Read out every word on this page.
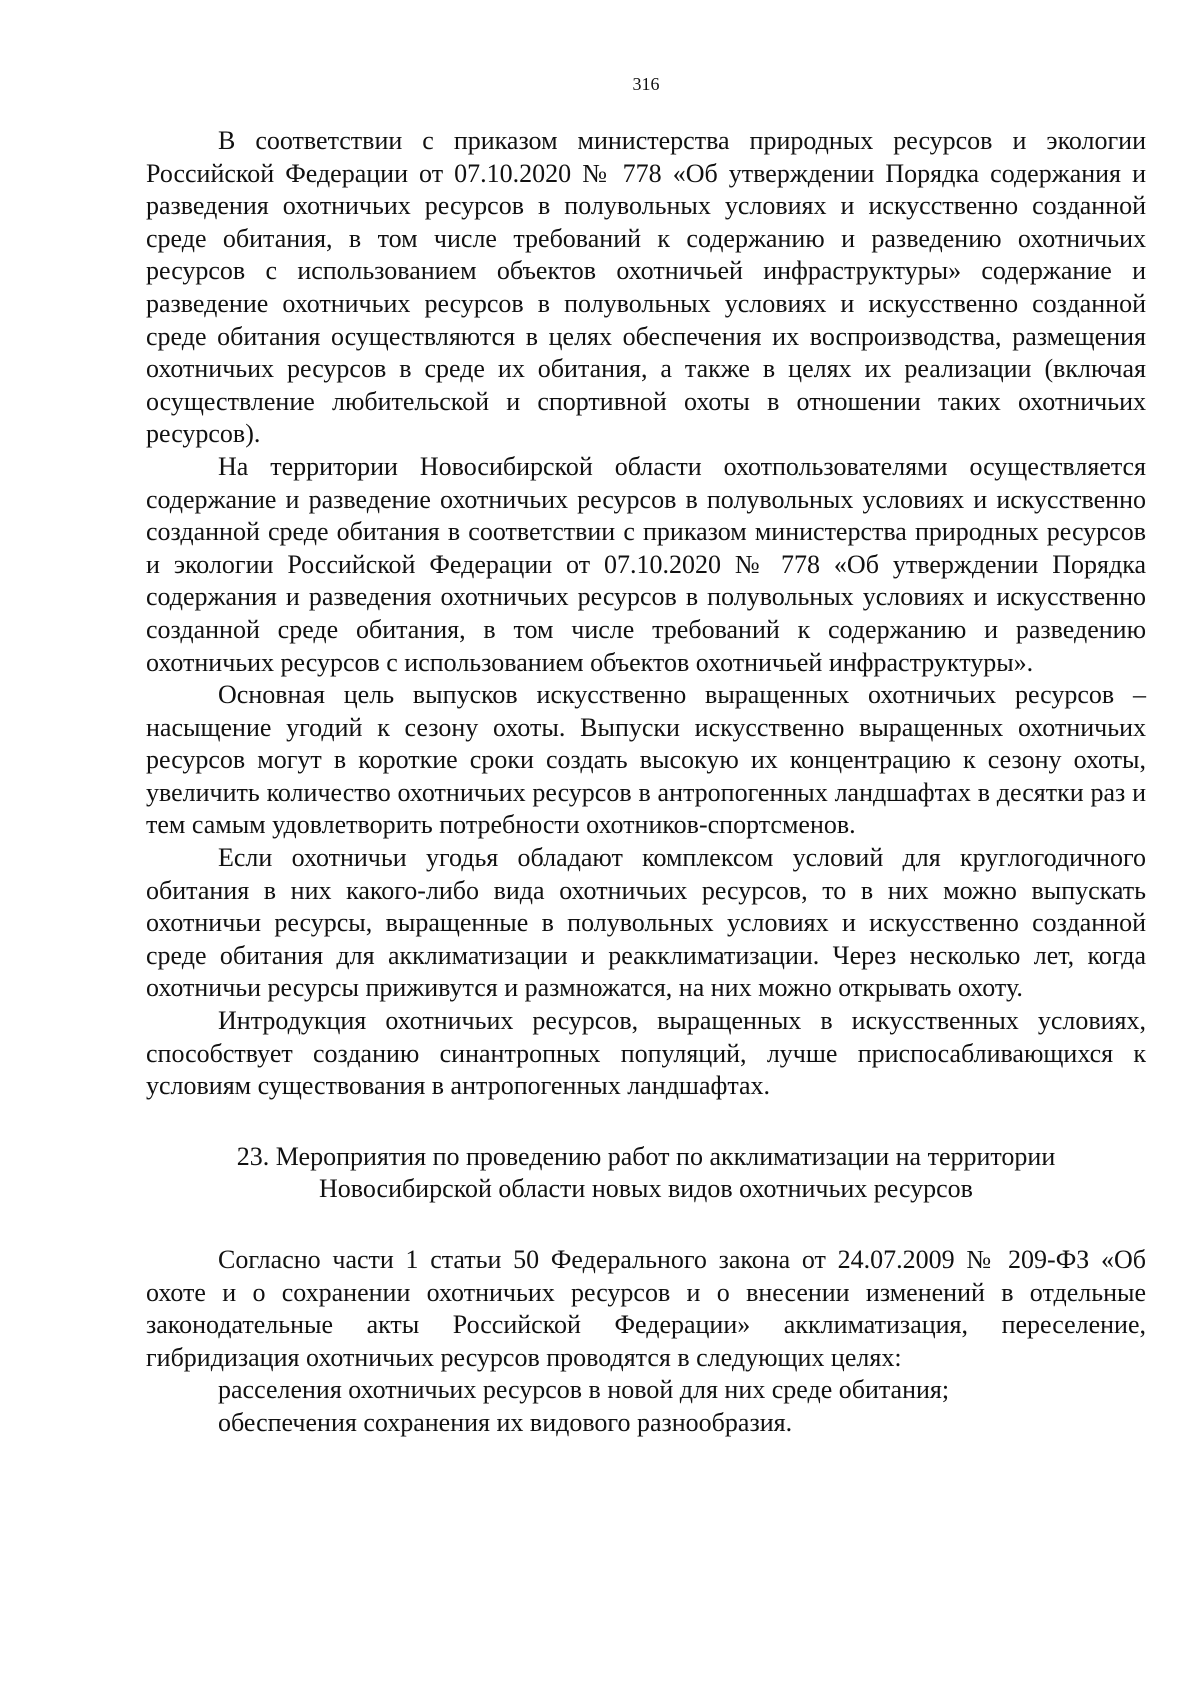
316

В соответствии с приказом министерства природных ресурсов и экологии Российской Федерации от 07.10.2020 № 778 «Об утверждении Порядка содержания и разведения охотничьих ресурсов в полувольных условиях и искусственно созданной среде обитания, в том числе требований к содержанию и разведению охотничьих ресурсов с использованием объектов охотничьей инфраструктуры» содержание и разведение охотничьих ресурсов в полувольных условиях и искусственно созданной среде обитания осуществляются в целях обеспечения их воспроизводства, размещения охотничьих ресурсов в среде их обитания, а также в целях их реализации (включая осуществление любительской и спортивной охоты в отношении таких охотничьих ресурсов).

На территории Новосибирской области охотпользователями осуществляется содержание и разведение охотничьих ресурсов в полувольных условиях и искусственно созданной среде обитания в соответствии с приказом министерства природных ресурсов и экологии Российской Федерации от 07.10.2020 № 778 «Об утверждении Порядка содержания и разведения охотничьих ресурсов в полувольных условиях и искусственно созданной среде обитания, в том числе требований к содержанию и разведению охотничьих ресурсов с использованием объектов охотничьей инфраструктуры».

Основная цель выпусков искусственно выращенных охотничьих ресурсов – насыщение угодий к сезону охоты. Выпуски искусственно выращенных охотничьих ресурсов могут в короткие сроки создать высокую их концентрацию к сезону охоты, увеличить количество охотничьих ресурсов в антропогенных ландшафтах в десятки раз и тем самым удовлетворить потребности охотников-спортсменов.

Если охотничьи угодья обладают комплексом условий для круглогодичного обитания в них какого-либо вида охотничьих ресурсов, то в них можно выпускать охотничьи ресурсы, выращенные в полувольных условиях и искусственно созданной среде обитания для акклиматизации и реакклиматизации. Через несколько лет, когда охотничьи ресурсы приживутся и размножатся, на них можно открывать охоту.

Интродукция охотничьих ресурсов, выращенных в искусственных условиях, способствует созданию синантропных популяций, лучше приспосабливающихся к условиям существования в антропогенных ландшафтах.

23. Мероприятия по проведению работ по акклиматизации на территории
Новосибирской области новых видов охотничьих ресурсов

Согласно части 1 статьи 50 Федерального закона от 24.07.2009 № 209-ФЗ «Об охоте и о сохранении охотничьих ресурсов и о внесении изменений в отдельные законодательные акты Российской Федерации» акклиматизация, переселение, гибридизация охотничьих ресурсов проводятся в следующих целях:

расселения охотничьих ресурсов в новой для них среде обитания;

обеспечения сохранения их видового разнообразия.
